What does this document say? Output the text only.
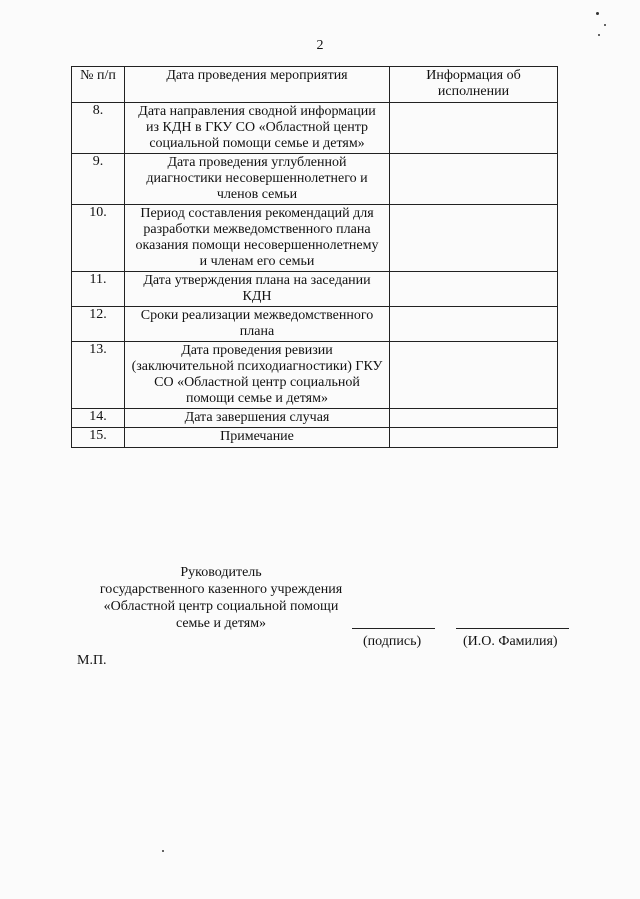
2
№ п/п	Дата проведения мероприятия	Информация об исполнении
8.	Дата направления сводной информации из КДН в ГКУ СО «Областной центр социальной помощи семье и детям»	
9.	Дата проведения углубленной диагностики несовершеннолетнего и членов семьи	
10.	Период составления рекомендаций для разработки межведомственного плана оказания помощи несовершеннолетнему и членам его семьи	
11.	Дата утверждения плана на заседании КДН	
12.	Сроки реализации межведомственного плана	
13.	Дата проведения ревизии (заключительной психодиагностики) ГКУ СО «Областной центр социальной помощи семье и детям»	
14.	Дата завершения случая	
15.	Примечание	
Руководитель
государственного казенного учреждения
«Областной центр социальной помощи
семье и детям»
(подпись)	(И.О. Фамилия)
М.П.
